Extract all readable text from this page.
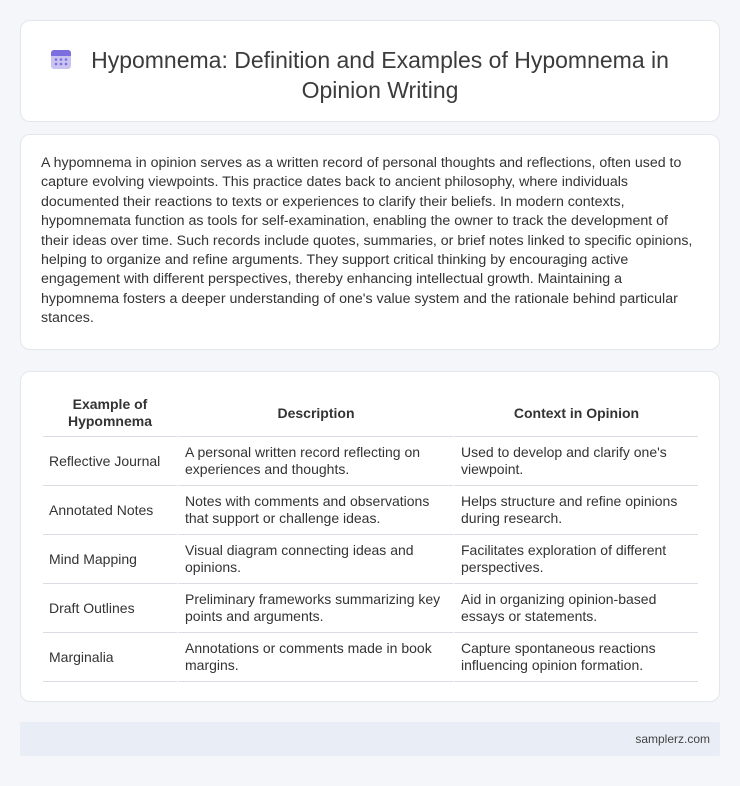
Hypomnema: Definition and Examples of Hypomnema in Opinion Writing

A hypomnema in opinion serves as a written record of personal thoughts and reflections, often used to capture evolving viewpoints. This practice dates back to ancient philosophy, where individuals documented their reactions to texts or experiences to clarify their beliefs. In modern contexts, hypomnemata function as tools for self-examination, enabling the owner to track the development of their ideas over time. Such records include quotes, summaries, or brief notes linked to specific opinions, helping to organize and refine arguments. They support critical thinking by encouraging active engagement with different perspectives, thereby enhancing intellectual growth. Maintaining a hypomnema fosters a deeper understanding of one's value system and the rationale behind particular stances.

Example of Hypomnema	Description	Context in Opinion
Reflective Journal	A personal written record reflecting on experiences and thoughts.	Used to develop and clarify one's viewpoint.
Annotated Notes	Notes with comments and observations that support or challenge ideas.	Helps structure and refine opinions during research.
Mind Mapping	Visual diagram connecting ideas and opinions.	Facilitates exploration of different perspectives.
Draft Outlines	Preliminary frameworks summarizing key points and arguments.	Aid in organizing opinion-based essays or statements.
Marginalia	Annotations or comments made in book margins.	Capture spontaneous reactions influencing opinion formation.
samplerz.com
